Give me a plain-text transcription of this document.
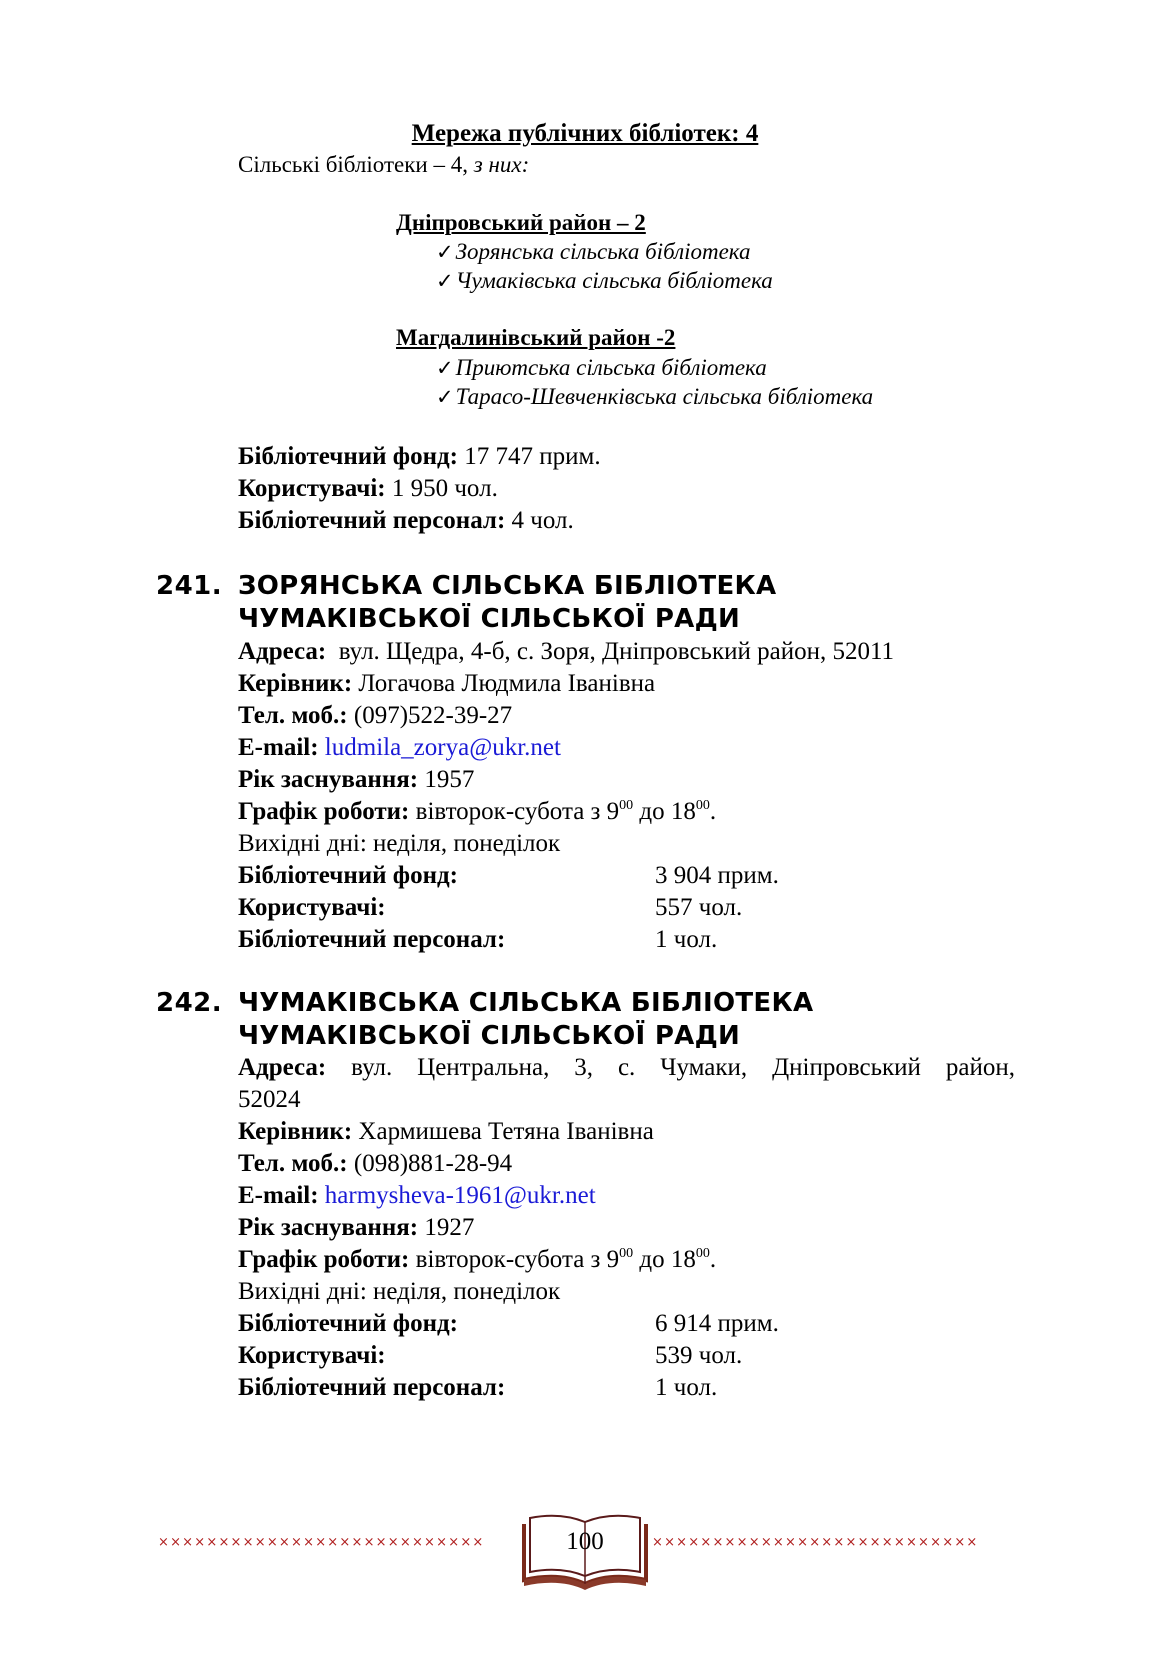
Мережа публічних бібліотек: 4
Сільські бібліотеки – 4, з них:
Дніпровський район – 2
✓Зорянська сільська бібліотека
✓Чумаківська сільська бібліотека
Магдалинівський район -2
✓Приютська сільська бібліотека
✓Тарасо-Шевченківська сільська бібліотека
Бібліотечний фонд: 17 747 прим.
Користувачі: 1 950 чол.
Бібліотечний персонал: 4 чол.
241. ЗОРЯНСЬКА СІЛЬСЬКА БІБЛІОТЕКА
ЧУМАКІВСЬКОЇ СІЛЬСЬКОЇ РАДИ
Адреса: вул. Щедра, 4-б, с. Зоря, Дніпровський район, 52011
Керівник: Логачова Людмила Іванівна
Тел. моб.: (097)522-39-27
E-mail: ludmila_zorya@ukr.net
Рік заснування: 1957
Графік роботи: вівторок-субота з $9^{00}$ до $18^{00}$.
Вихідні дні: неділя, понеділок
Бібліотечний фонд:	3 904 прим.
Користувачі:	557 чол.
Бібліотечний персонал:	1 чол.
242. ЧУМАКІВСЬКА СІЛЬСЬКА БІБЛІОТЕКА
ЧУМАКІВСЬКОЇ СІЛЬСЬКОЇ РАДИ
Адреса: вул. Центральна, 3, с. Чумаки, Дніпровський район,
52024
Керівник: Хармишева Тетяна Іванівна
Тел. моб.: (098)881-28-94
E-mail: harmysheva-1961@ukr.net
Рік заснування: 1927
Графік роботи: вівторок-субота з $9^{00}$ до $18^{00}$.
Вихідні дні: неділя, понеділок
Бібліотечний фонд:	6 914 прим.
Користувачі:	539 чол.
Бібліотечний персонал:	1 чол.
×××××××××××××××××××××××××××	×××××××××××××××××××××××××××
100
